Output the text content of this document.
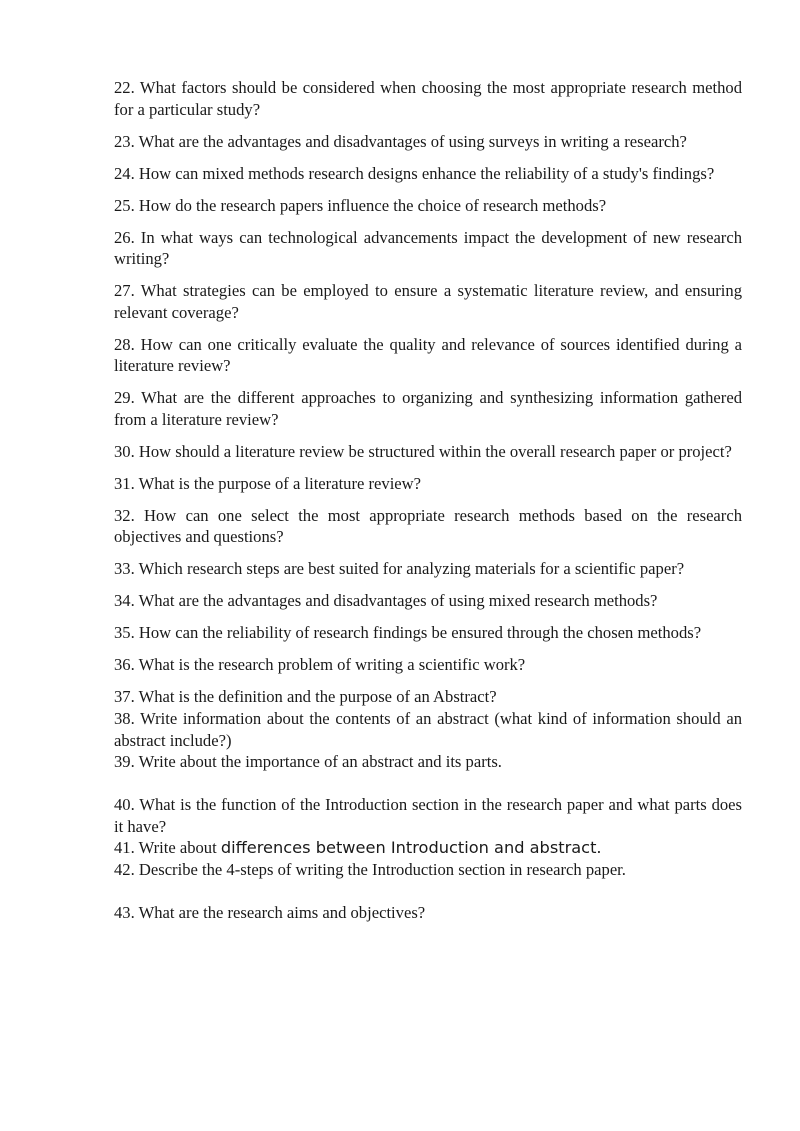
22. What factors should be considered when choosing the most appropriate research method for a particular study?

23. What are the advantages and disadvantages of using surveys in writing a research?

24. How can mixed methods research designs enhance the reliability of a study's findings?

25. How do the research papers influence the choice of research methods?

26. In what ways can technological advancements impact the development of new research writing?

27. What strategies can be employed to ensure a systematic literature review, and ensuring relevant coverage?

28. How can one critically evaluate the quality and relevance of sources identified during a literature review?

29. What are the different approaches to organizing and synthesizing information gathered from a literature review?

30. How should a literature review be structured within the overall research paper or project?

31. What is the purpose of a literature review?

32. How can one select the most appropriate research methods based on the research objectives and questions?

33. Which research steps are best suited for analyzing materials for a scientific paper?

34. What are the advantages and disadvantages of using mixed research methods?

35. How can the reliability of research findings be ensured through the chosen methods?

36. What is the research problem of writing a scientific work?

37. What is the definition and the purpose of an Abstract?

38. Write information about the contents of an abstract (what kind of information should an abstract include?)

39. Write about the importance of an abstract and its parts.

40. What is the function of the Introduction section in the research paper and what parts does it have?

41. Write about differences between Introduction and abstract.

42. Describe the 4-steps of writing the Introduction section in research paper.

43. What are the research aims and objectives?
